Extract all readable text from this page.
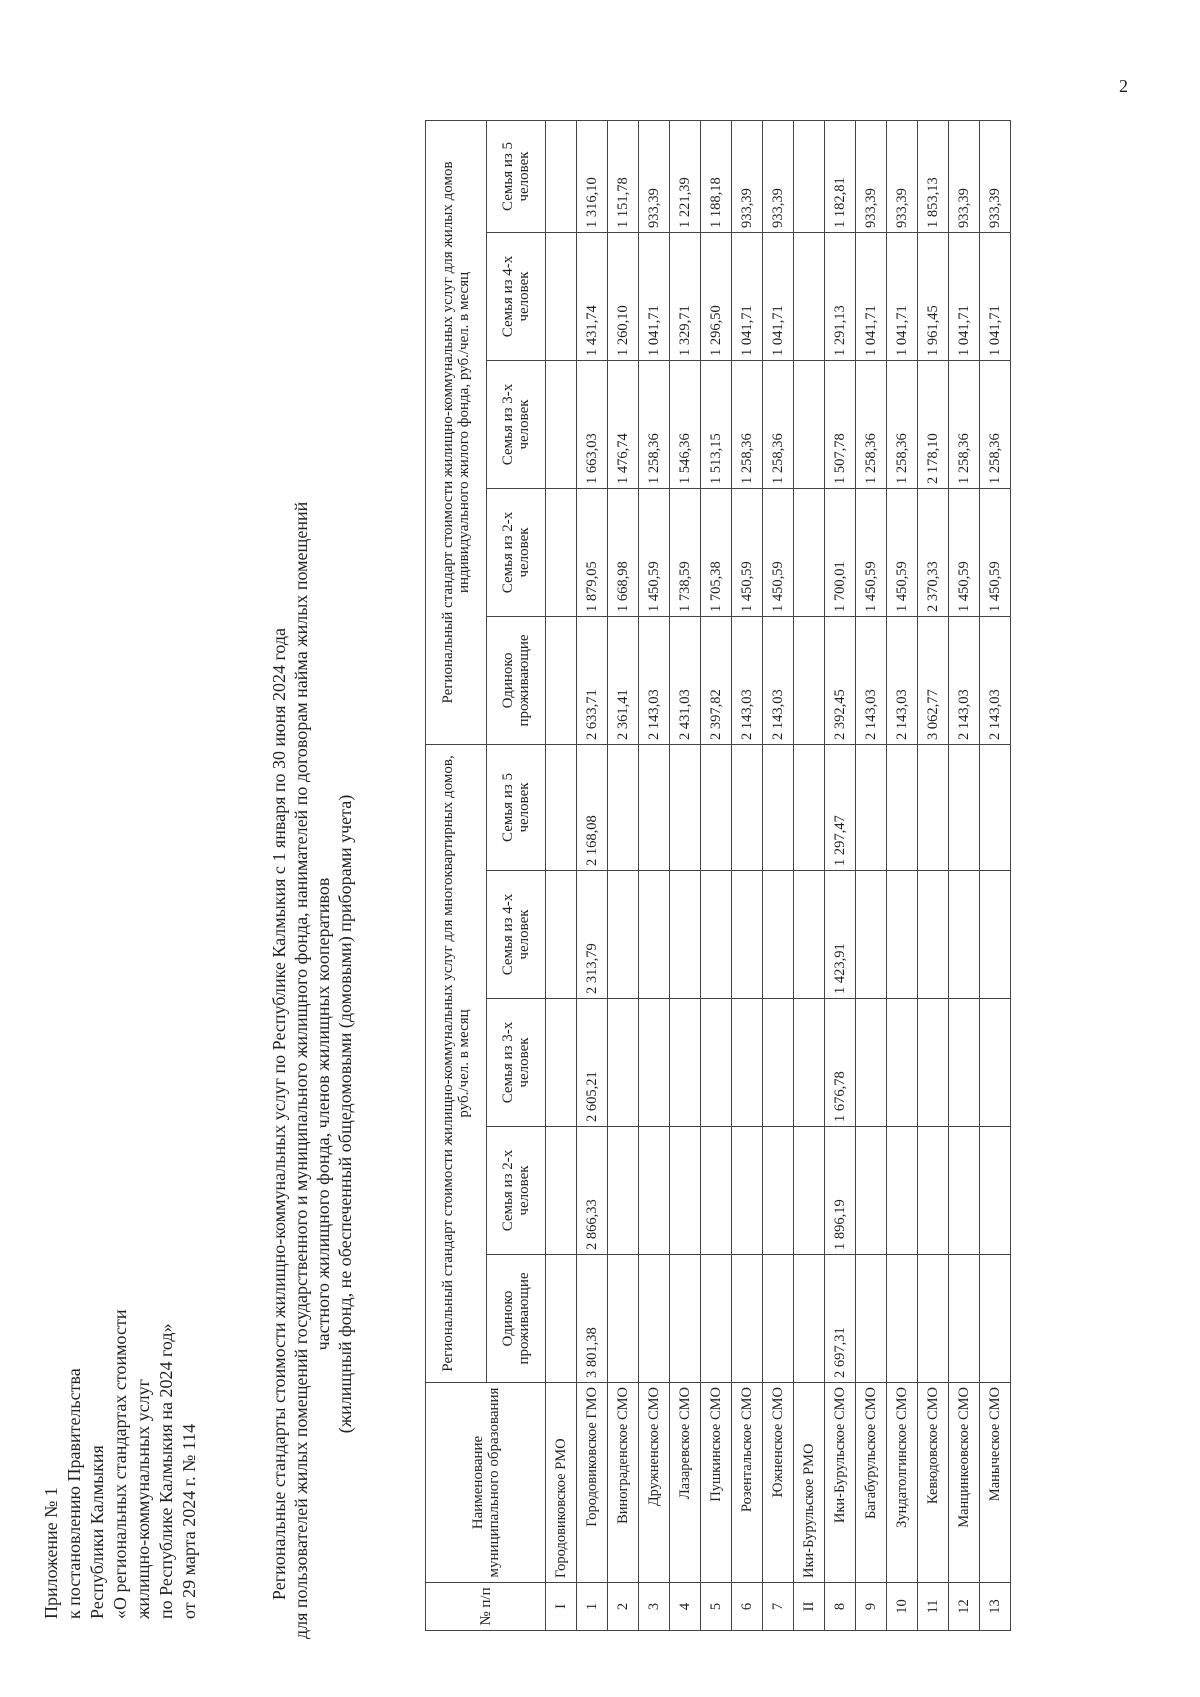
2
Приложение № 1 к постановлению Правительства Республики Калмыкия «О региональных стандартах стоимости жилищно-коммунальных услуг по Республике Калмыкия на 2024 год» от 29 марта 2024 г. № 114	Региональные стандарты стоимости жилищно-коммунальных услуг по Республике Калмыкия с 1 января по 30 июня 2024 года для пользователей жилых помещений государственного и муниципального жилищного фонда, нанимателей по договорам найма жилых помещений частного жилищного фонда, членов жилищных кооперативов (жилищный фонд, не обеспеченный общедомовыми (домовыми) приборами учета)
№ п/п	Наименование муниципального образования	Региональный стандарт стоимости жилищно-коммунальных услуг для многоквартирных домов, руб./чел. в месяц					Региональный стандарт стоимости жилищно-коммунальных услуг для жилых домов индивидуального жилого фонда, руб./чел. в месяц				
		Одиноко проживающие	Семья из 2-х человек	Семья из 3-х человек	Семья из 4-х человек	Семья из 5 человек	Одиноко проживающие	Семья из 2-х человек	Семья из 3-х человек	Семья из 4-х человек	Семья из 5 человек
I	Городовиковское РМО										
1	Городовиковское ГМО	3 801,38	2 866,33	2 605,21	2 313,79	2 168,08	2 633,71	1 879,05	1 663,03	1 431,74	1 316,10
2	Винограденское СМО						2 361,41	1 668,98	1 476,74	1 260,10	1 151,78
3	Дружненское СМО						2 143,03	1 450,59	1 258,36	1 041,71	933,39
4	Лазаревское СМО						2 431,03	1 738,59	1 546,36	1 329,71	1 221,39
5	Пушкинское СМО						2 397,82	1 705,38	1 513,15	1 296,50	1 188,18
6	Розентальское СМО						2 143,03	1 450,59	1 258,36	1 041,71	933,39
7	Южненское СМО						2 143,03	1 450,59	1 258,36	1 041,71	933,39
II	Ики-Бурульское РМО										
8	Ики-Бурульское СМО	2 697,31	1 896,19	1 676,78	1 423,91	1 297,47	2 392,45	1 700,01	1 507,78	1 291,13	1 182,81
9	Багабурульское СМО						2 143,03	1 450,59	1 258,36	1 041,71	933,39
10	Зундатолгинское СМО						2 143,03	1 450,59	1 258,36	1 041,71	933,39
11	Кевюдовское СМО						3 062,77	2 370,33	2 178,10	1 961,45	1 853,13
12	Манцинкеовское СМО						2 143,03	1 450,59	1 258,36	1 041,71	933,39
13	Маныческое СМО						2 143,03	1 450,59	1 258,36	1 041,71	933,39
